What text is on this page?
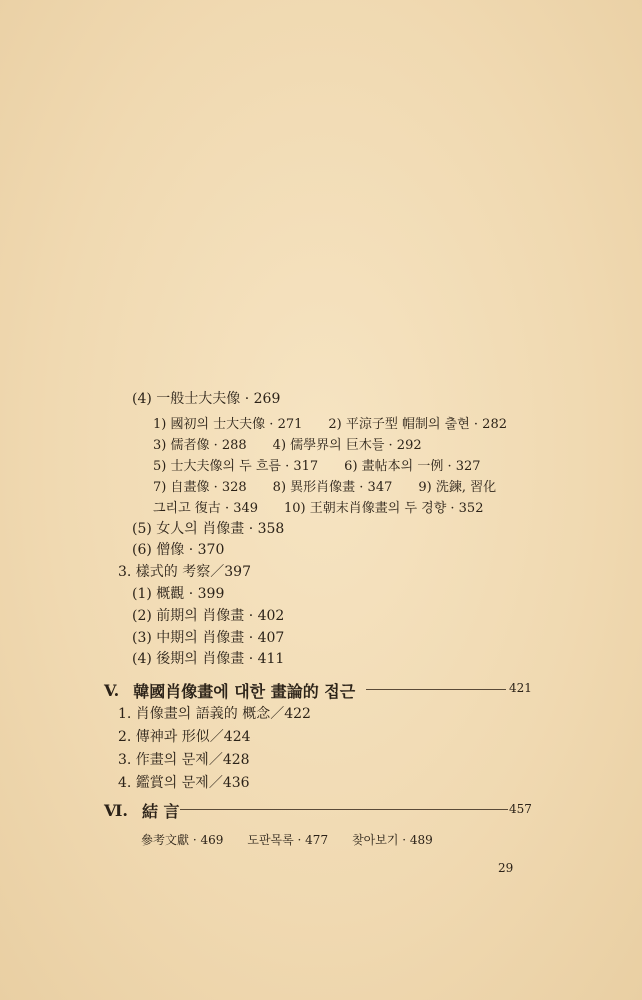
(4) 一般士大夫像 · 269
1) 國初의 士大夫像 · 271　　2) 平涼子型 帽制의 출현 · 282
3) 儒者像 · 288　　4) 儒學界의 巨木들 · 292
5) 士大夫像의 두 흐름 · 317　　6) 畫帖本의 一例 · 327
7) 自畫像 · 328　　8) 異形肖像畫 · 347　　9) 洗鍊, 習化
그리고 復古 · 349　　10) 王朝末肖像畫의 두 경향 · 352
(5) 女人의 肖像畫 · 358
(6) 僧像 · 370
3. 樣式的 考察／397
(1) 概觀 · 399
(2) 前期의 肖像畫 · 402
(3) 中期의 肖像畫 · 407
(4) 後期의 肖像畫 · 411
V. 韓國肖像畫에 대한 畫論的 접근	421
1. 肖像畫의 語義的 概念／422
2. 傳神과 形似／424
3. 作畫의 문제／428
4. 鑑賞의 문제／436
Ⅵ. 結 言	457
參考文獻 · 469 도판목록 · 477 찾아보기 · 489
29
